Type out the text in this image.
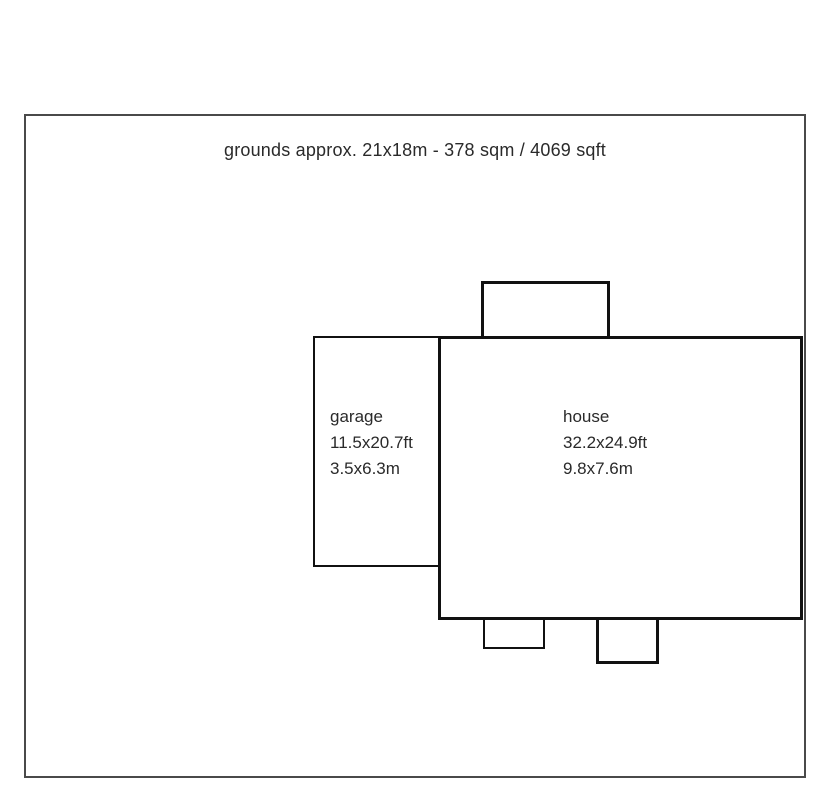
grounds approx. 21x18m - 378 sqm / 4069 sqft
garage
11.5x20.7ft
3.5x6.3m
house
32.2x24.9ft
9.8x7.6m
